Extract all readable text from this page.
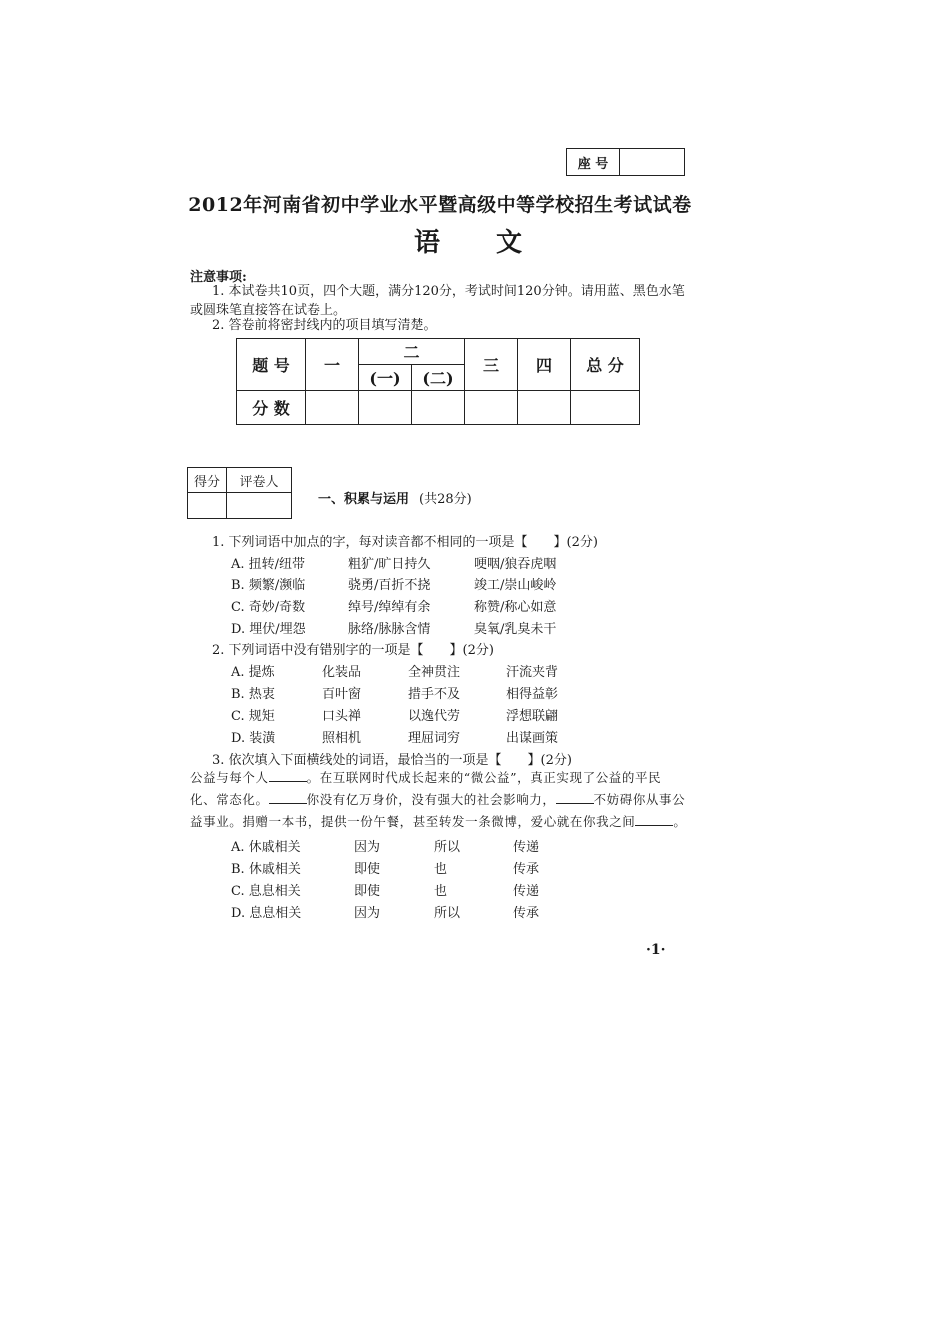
座 号	
2012年河南省初中学业水平暨高级中等学校招生考试试卷
语文
注意事项:
1. 本试卷共10页，四个大题，满分120分，考试时间120分钟。请用蓝、黑色水笔或圆珠笔直接答在试卷上。
2. 答卷前将密封线内的项目填写清楚。
题 号	一	二		三	四	总 分
		(一)	(二)			
分 数						
得分	评卷人

一、积累与运用 (共28分)
1. 下列词语中加点的字，每对读音都不相同的一项是【　　】(2分)
A. 扭转/纽带	粗犷/旷日持久	哽咽/狼吞虎咽
B. 频繁/濒临	骁勇/百折不挠	竣工/崇山峻岭
C. 奇妙/奇数	绰号/绰绰有余	称赞/称心如意
D. 埋伏/埋怨	脉络/脉脉含情	臭氧/乳臭未干
2. 下列词语中没有错别字的一项是【　　】(2分)
A. 提炼	化装品	全神贯注	汗流夹背
B. 热衷	百叶窗	措手不及	相得益彰
C. 规矩	口头禅	以逸代劳	浮想联翩
D. 装潢	照相机	理屈词穷	出谋画策
3. 依次填入下面横线处的词语，最恰当的一项是【　　】(2分)
公益与每个人	。在互联网时代成长起来的“微公益”，真正实现了公益的平民
化、常态化。	你没有亿万身价，没有强大的社会影响力，	不妨碍你从事公
益事业。捐赠一本书，提供一份午餐，甚至转发一条微博，爱心就在你我之间	。
A. 休戚相关	因为	所以	传递
B. 休戚相关	即使	也	传承
C. 息息相关	即使	也	传递
D. 息息相关	因为	所以	传承
·1·
